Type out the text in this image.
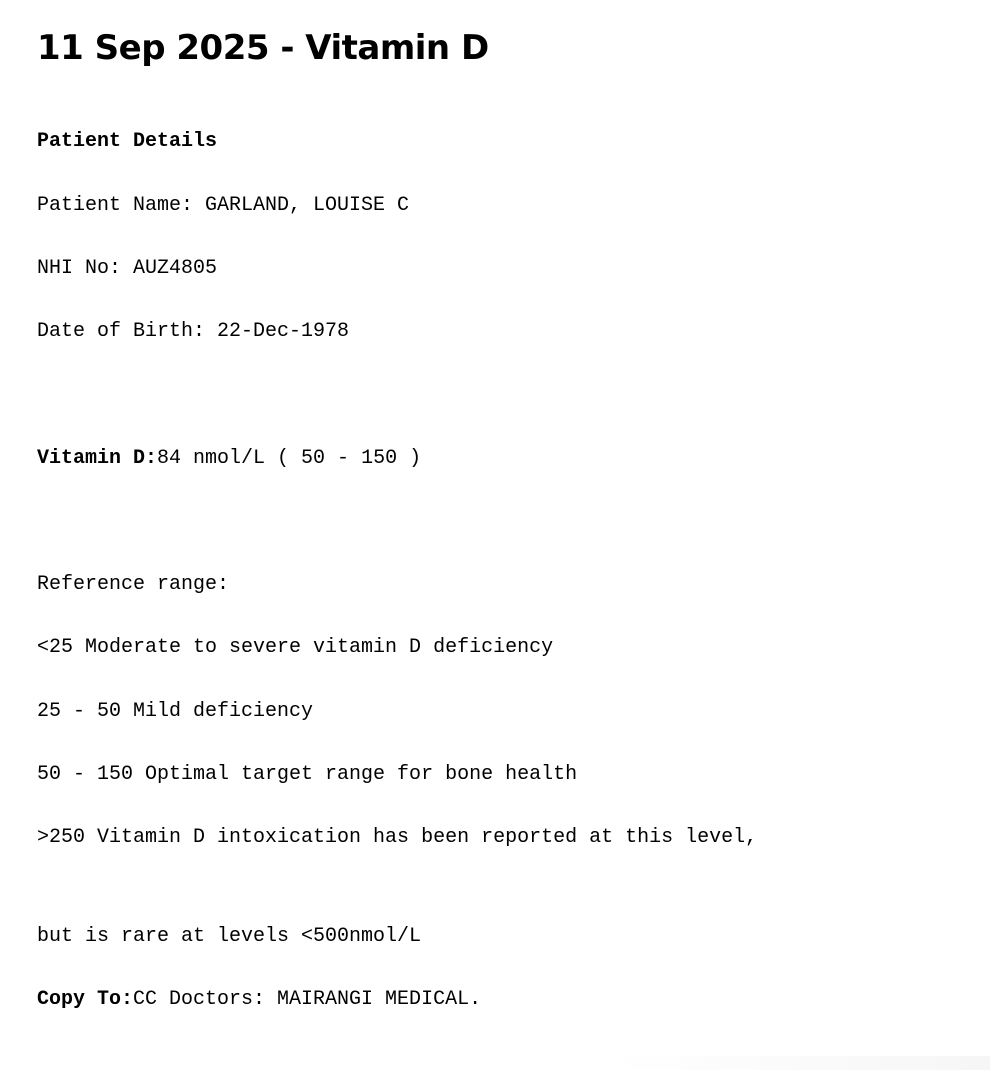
11 Sep 2025 - Vitamin D
Patient Details
Patient Name: GARLAND, LOUISE C
NHI No: AUZ4805
Date of Birth: 22-Dec-1978
Vitamin D:84 nmol/L ( 50 - 150 )
Reference range:
<25 Moderate to severe vitamin D deficiency
25 - 50 Mild deficiency
50 - 150 Optimal target range for bone health
>250 Vitamin D intoxication has been reported at this level,
but is rare at levels <500nmol/L
Copy To:CC Doctors: MAIRANGI MEDICAL.
